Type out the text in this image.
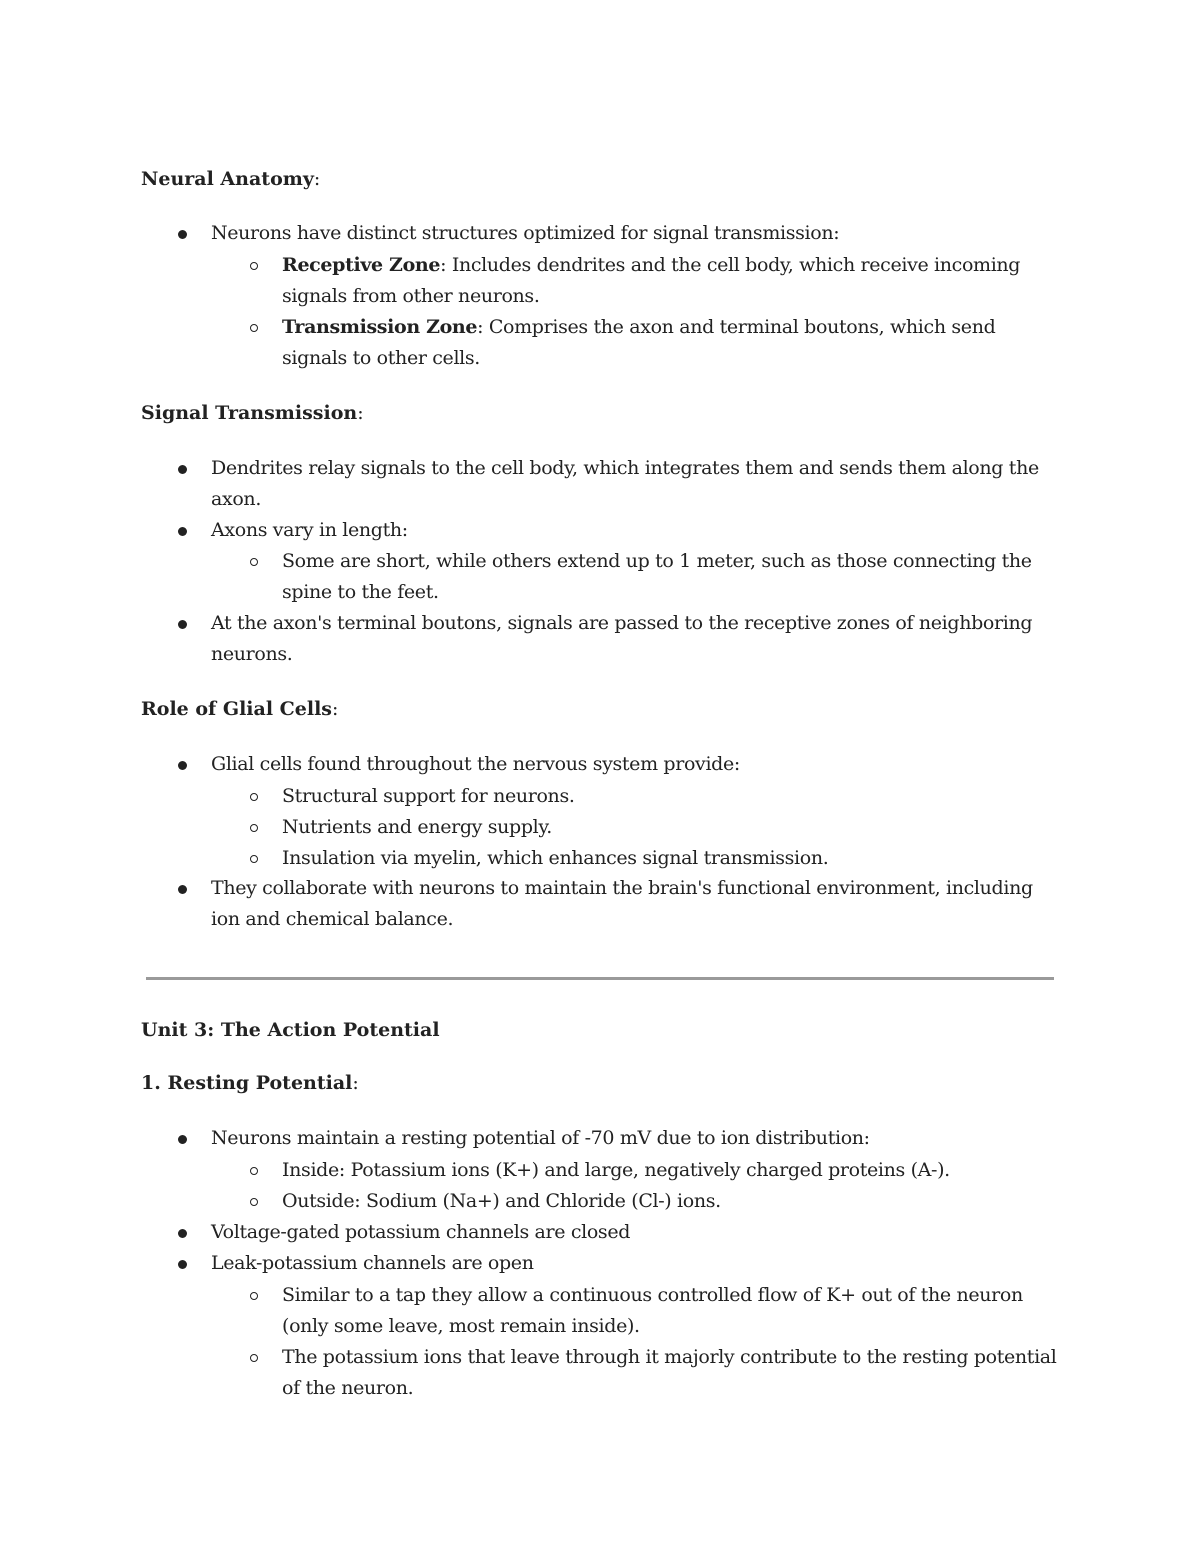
Neural Anatomy:
Neurons have distinct structures optimized for signal transmission:
Receptive Zone: Includes dendrites and the cell body, which receive incoming
signals from other neurons.
Transmission Zone: Comprises the axon and terminal boutons, which send
signals to other cells.
Signal Transmission:
Dendrites relay signals to the cell body, which integrates them and sends them along the
axon.
Axons vary in length:
Some are short, while others extend up to 1 meter, such as those connecting the
spine to the feet.
At the axon's terminal boutons, signals are passed to the receptive zones of neighboring
neurons.
Role of Glial Cells:
Glial cells found throughout the nervous system provide:
Structural support for neurons.
Nutrients and energy supply.
Insulation via myelin, which enhances signal transmission.
They collaborate with neurons to maintain the brain's functional environment, including
ion and chemical balance.
Unit 3: The Action Potential
1. Resting Potential:
Neurons maintain a resting potential of -70 mV due to ion distribution:
Inside: Potassium ions (K+) and large, negatively charged proteins (A-).
Outside: Sodium (Na+) and Chloride (Cl-) ions.
Voltage-gated potassium channels are closed
Leak-potassium channels are open
Similar to a tap they allow a continuous controlled flow of K+ out of the neuron
(only some leave, most remain inside).
The potassium ions that leave through it majorly contribute to the resting potential
of the neuron.
